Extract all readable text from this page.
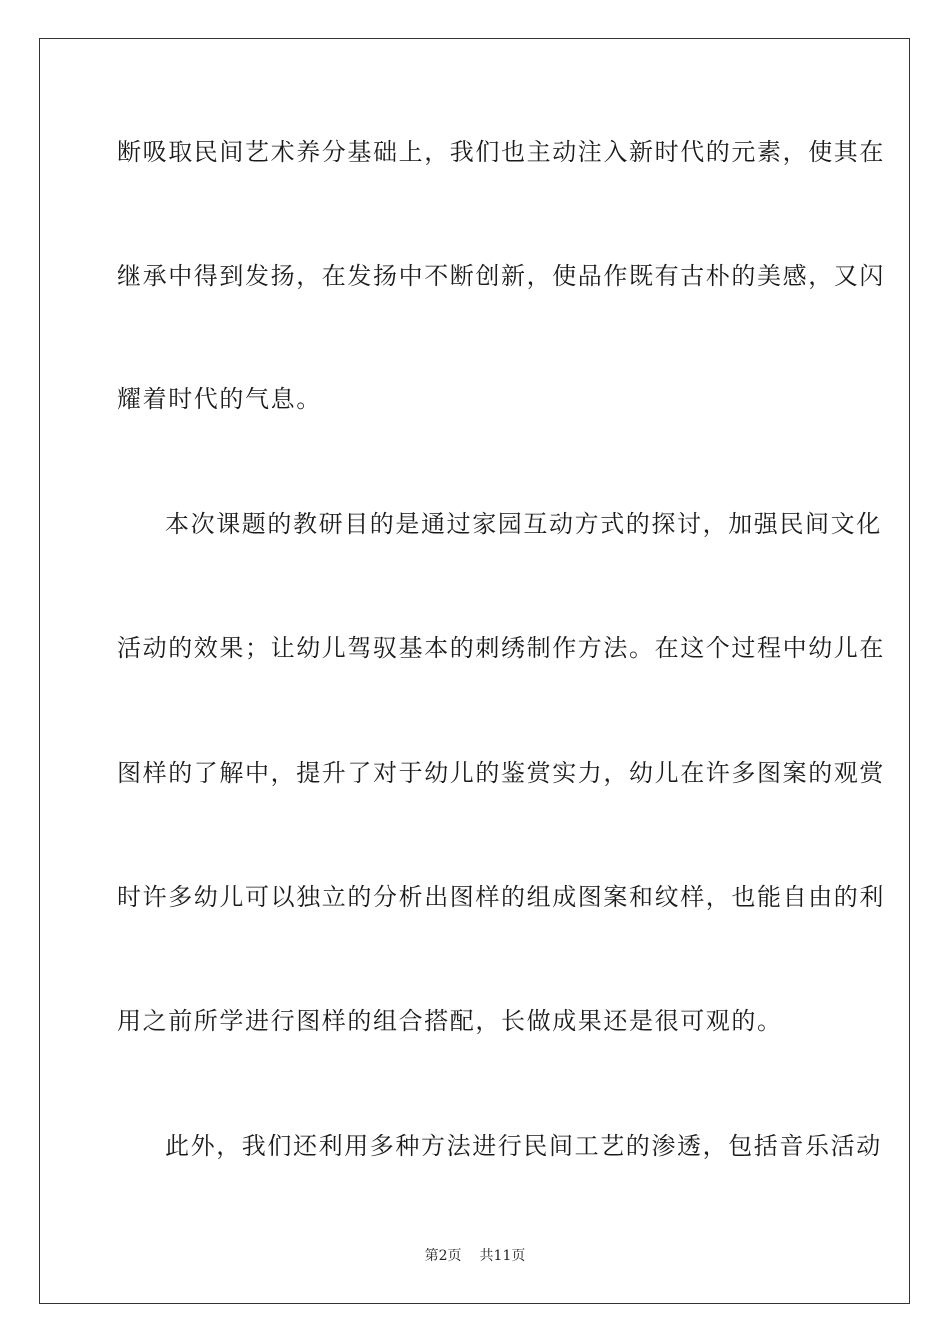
断吸取民间艺术养分基础上，我们也主动注入新时代的元素，使其在
继承中得到发扬，在发扬中不断创新，使品作既有古朴的美感，又闪
耀着时代的气息。
本次课题的教研目的是通过家园互动方式的探讨，加强民间文化
活动的效果；让幼儿驾驭基本的刺绣制作方法。在这个过程中幼儿在
图样的了解中，提升了对于幼儿的鉴赏实力，幼儿在许多图案的观赏
时许多幼儿可以独立的分析出图样的组成图案和纹样，也能自由的利
用之前所学进行图样的组合搭配，长做成果还是很可观的。
此外，我们还利用多种方法进行民间工艺的渗透，包括音乐活动
第2页 共11页
